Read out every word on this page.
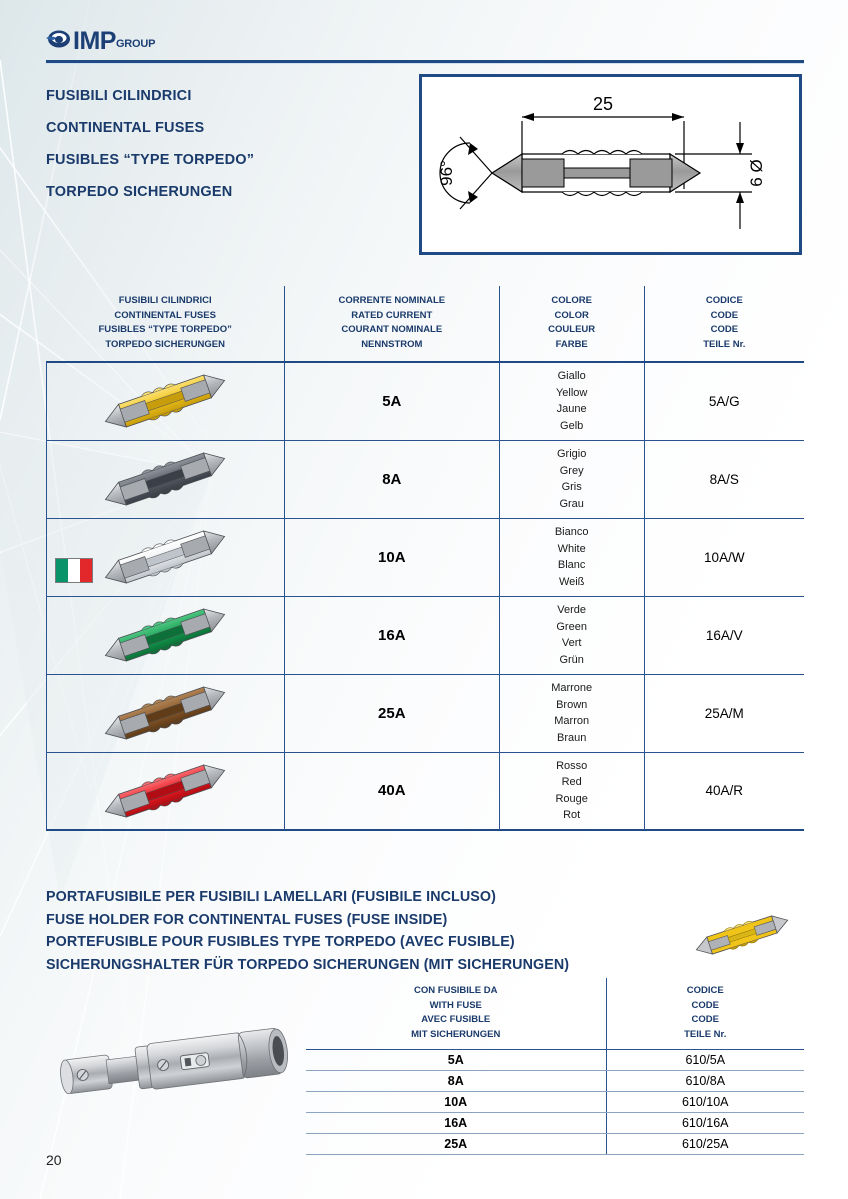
IMP GROUP
FUSIBILI CILINDRICI
CONTINENTAL FUSES
FUSIBLES “TYPE TORPEDO”
TORPEDO SICHERUNGEN
25
96°	6 Ø
FUSIBILI CILINDRICI
CONTINENTAL FUSES
FUSIBLES “TYPE TORPEDO”
TORPEDO SICHERUNGEN	CORRENTE NOMINALE
RATED CURRENT
COURANT NOMINALE
NENNSTROM	COLORE
COLOR
COULEUR
FARBE	CODICE
CODE
CODE
TEILE Nr.

	5A	Giallo
Yellow
Jaune
Gelb	5A/G

	8A	Grigio
Grey
Gris
Grau	8A/S

	10A	Bianco
White
Blanc
Weiß	10A/W

	16A	Verde
Green
Vert
Grün	16A/V

	25A	Marrone
Brown
Marron
Braun	25A/M

	40A	Rosso
Red
Rouge
Rot	40A/R
PORTAFUSIBILE PER FUSIBILI LAMELLARI (FUSIBILE INCLUSO)
FUSE HOLDER FOR CONTINENTAL FUSES (FUSE INSIDE)
PORTEFUSIBLE POUR FUSIBLES TYPE TORPEDO (AVEC FUSIBLE)
SICHERUNGSHALTER FÜR TORPEDO SICHERUNGEN (MIT SICHERUNGEN)
CON FUSIBILE DA
WITH FUSE
AVEC FUSIBLE
MIT SICHERUNGEN	CODICE
CODE
CODE
TEILE Nr.

5A	610/5A
8A	610/8A
10A	610/10A
16A	610/16A
25A	610/25A
20
